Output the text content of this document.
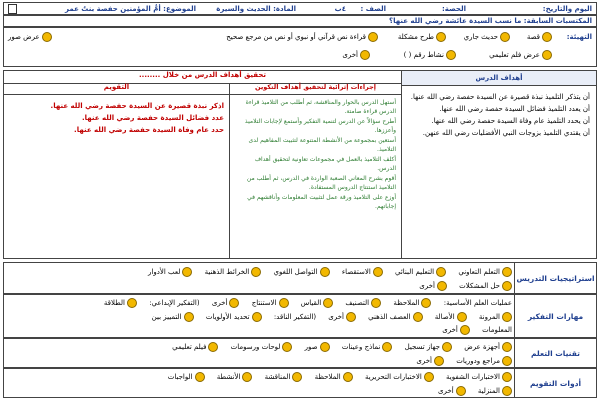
اليوم والتاريخ:
الحصة:
الصف :
٤ب
المادة: الحديث والسيرة
الموضوع: أمُّ المؤمنين حفصة بنتُ عمر
المكتسبات السابقة: ما نسب السيدة عائشة رضي الله عنها؟
التهيئة:
قصة
حديث جاري
طرح مشكلة
قراءة نص قرآني أو نبوي أو نص من مرجع صحيح
عرض صور
عرض فلم تعليمي
نشاط رقم ( )
أخرى
أهداف الدرس
أن يتذكر التلميذ نبذة قصيرة عن السيدة حفصة رضي الله عنها.
أن يعدد التلميذ فضائل السيدة حفصة رضي الله عنها.
أن يحدد التلميذ عام وفاة السيدة حفصة رضي الله عنها.
أن يقتدي التلميذ بزوجات النبي الأفضليات رضي الله عنهن.
تحقيق أهداف الدرس من خلال ........
إجراءات إثرائية لتحقيق أهداف التكوين
أستهل الدرس بالحوار والمناقشة، ثم أطلب من التلاميذ قراءة الدرس قراءة صامتة.
أطرح سؤالاً عن الدرس لتنمية التفكير وأستمع لإجابات التلاميذ وأعززها.
أستعين بمجموعة من الأنشطة المتنوعة لتثبيت المفاهيم لدى التلاميذ.
أكلف التلاميذ بالعمل في مجموعات تعاونية لتحقيق أهداف الدرس.
أقوم بشرح المعاني الصعبة الواردة في الدرس، ثم أطلب من التلاميذ استنتاج الدروس المستفادة.
أوزع على التلاميذ ورقة عمل لتثبيت المعلومات وأناقشهم في إجاباتهم.
التقويم
اذكر نبذة قصيرة عن السيدة حفصة رضي الله عنها.
عدد فضائل السيدة حفصة رضي الله عنها.
حدد عام وفاة السيدة حفصة رضي الله عنها.
استراتيجيات التدريس
التعلم التعاوني التعليم البنائي الاستقصاء التواصل اللغوي الخرائط الذهنية لعب الأدوار
حل المشكلات أخرى
مهارات التفكير
عمليات العلم الأساسية: الملاحظة التصنيف القياس الاستنتاج أخرى (التفكير الإبداعي: الطلاقة
المرونة الأصالة العصف الذهني أخرى (التفكير الناقد: تحديد الأولويات التمييز بين
المعلومات أخرى
تقنيات التعلم
أجهزة عرض جهاز تسجيل نماذج وعينات صور لوحات ورسومات فيلم تعليمي
مراجع ودوريات أخرى
أدوات التقويم
الاختبارات الشفوية الاختبارات التحريرية الملاحظة المناقشة الأنشطة الواجبات
المنزلية أخرى
